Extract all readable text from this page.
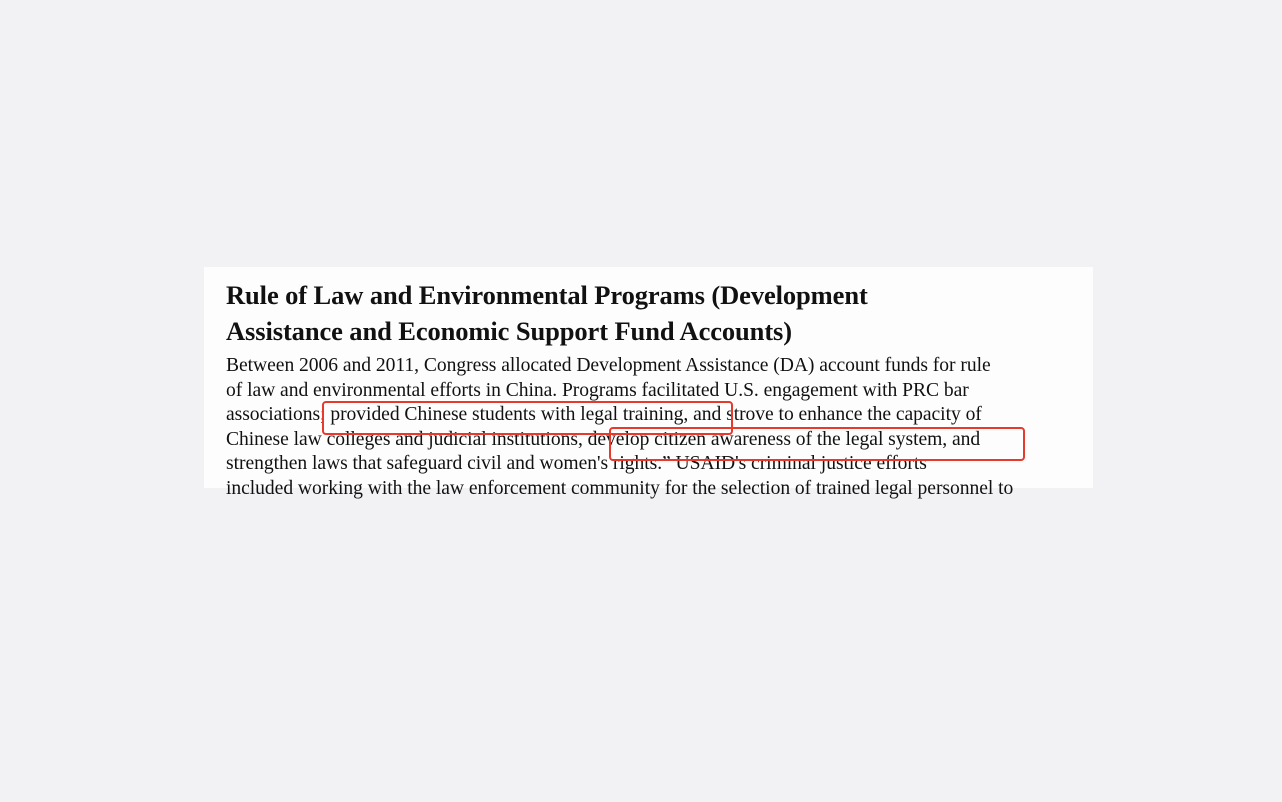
Rule of Law and Environmental Programs (Development
Assistance and Economic Support Fund Accounts)

Between 2006 and 2011, Congress allocated Development Assistance (DA) account funds for rule
of law and environmental efforts in China. Programs facilitated U.S. engagement with PRC bar
associations; provided Chinese students with legal training, and strove to enhance the capacity of
Chinese law colleges and judicial institutions, develop citizen awareness of the legal system, and
strengthen laws that safeguard civil and women's rights.” USAID's criminal justice efforts
included working with the law enforcement community for the selection of trained legal personnel to
